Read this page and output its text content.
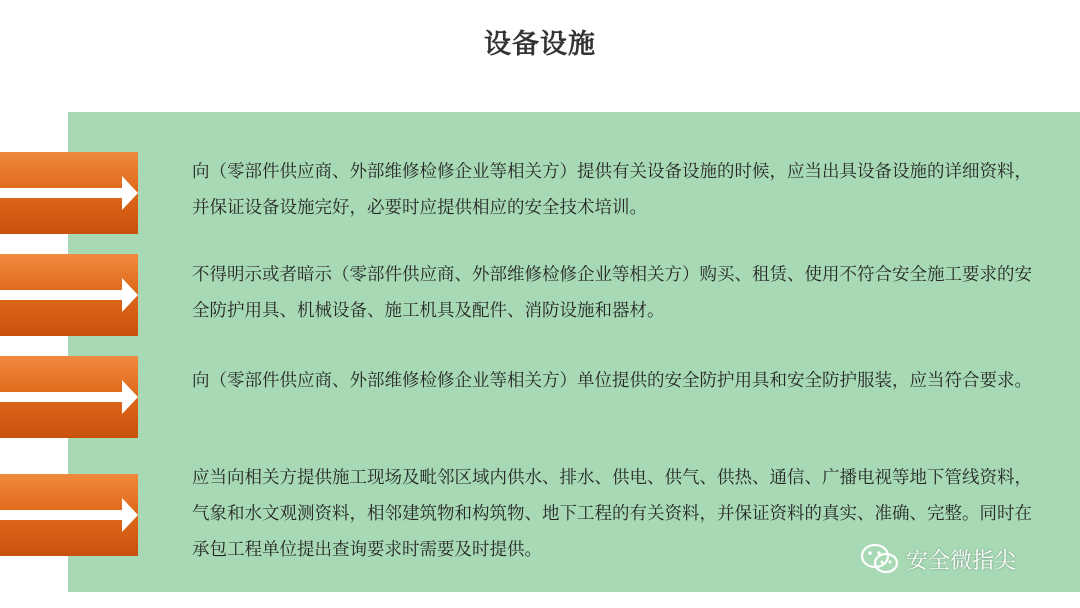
设备设施
向（零部件供应商、外部维修检修企业等相关方）提供有关设备设施的时候，应当出具设备设施的详细资料，并保证设备设施完好，必要时应提供相应的安全技术培训。
不得明示或者暗示（零部件供应商、外部维修检修企业等相关方）购买、租赁、使用不符合安全施工要求的安全防护用具、机械设备、施工机具及配件、消防设施和器材。
向（零部件供应商、外部维修检修企业等相关方）单位提供的安全防护用具和安全防护服装，应当符合要求。
应当向相关方提供施工现场及毗邻区域内供水、排水、供电、供气、供热、通信、广播电视等地下管线资料，气象和水文观测资料，相邻建筑物和构筑物、地下工程的有关资料，并保证资料的真实、准确、完整。同时在承包工程单位提出查询要求时需要及时提供。	安全微指尖
